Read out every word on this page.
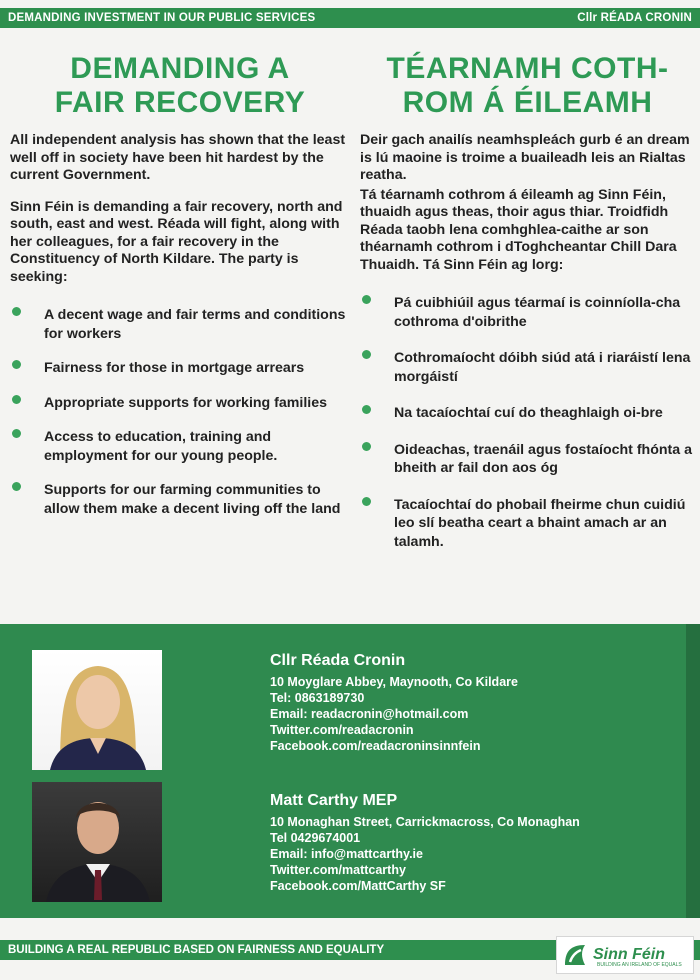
DEMANDING INVESTMENT IN OUR PUBLIC SERVICES	Cllr RÉADA CRONIN
DEMANDING A
FAIR RECOVERY

All independent analysis has shown that the least well off in society have been hit hardest by the current Government.

Sinn Féin is demanding a fair recovery, north and south, east and west. Réada will fight, along with her colleagues, for a fair recovery in the Constituency of North Kildare. The party is seeking:

A decent wage and fair terms and conditions for workers
Fairness for those in mortgage arrears
Appropriate supports for working families
Access to education, training and employment for our young people.
Supports for our farming communities to allow them make a decent living off the land
TÉARNAMH COTH-
ROM Á ÉILEAMH

Deir gach anailís neamhspleách gurb é an dream is lú maoine is troime a buaileadh leis an Rialtas reatha.

Tá téarnamh cothrom á éileamh ag Sinn Féin, thuaidh agus theas, thoir agus thiar. Troidfidh Réada taobh lena comhghlea-caithe ar son théarnamh cothrom i dToghcheantar Chill Dara Thuaidh. Tá Sinn Féin ag lorg:

Pá cuibhiúil agus téarmaí is coinníolla-cha cothroma d'oibrithe
Cothromaíocht dóibh siúd atá i riaráistí lena morgáistí
Na tacaíochtaí cuí do theaghlaigh oi-bre
Oideachas, traenáil agus fostaíocht fhónta a bheith ar fail don aos óg
Tacaíochtaí do phobail fheirme chun cuidiú leo slí beatha ceart a bhaint amach ar an talamh.
Cllr Réada Cronin
10 Moyglare Abbey, Maynooth, Co Kildare
Tel: 0863189730
Email: readacronin@hotmail.com
Twitter.com/readacronin
Facebook.com/readacroninsinnfein
Matt Carthy MEP
10 Monaghan Street, Carrickmacross, Co Monaghan
Tel 0429674001
Email: info@mattcarthy.ie
Twitter.com/mattcarthy
Facebook.com/MattCarthy SF
BUILDING A REAL REPUBLIC BASED ON FAIRNESS AND EQUALITY	Sinn Féin
BUILDING AN IRELAND OF EQUALS
